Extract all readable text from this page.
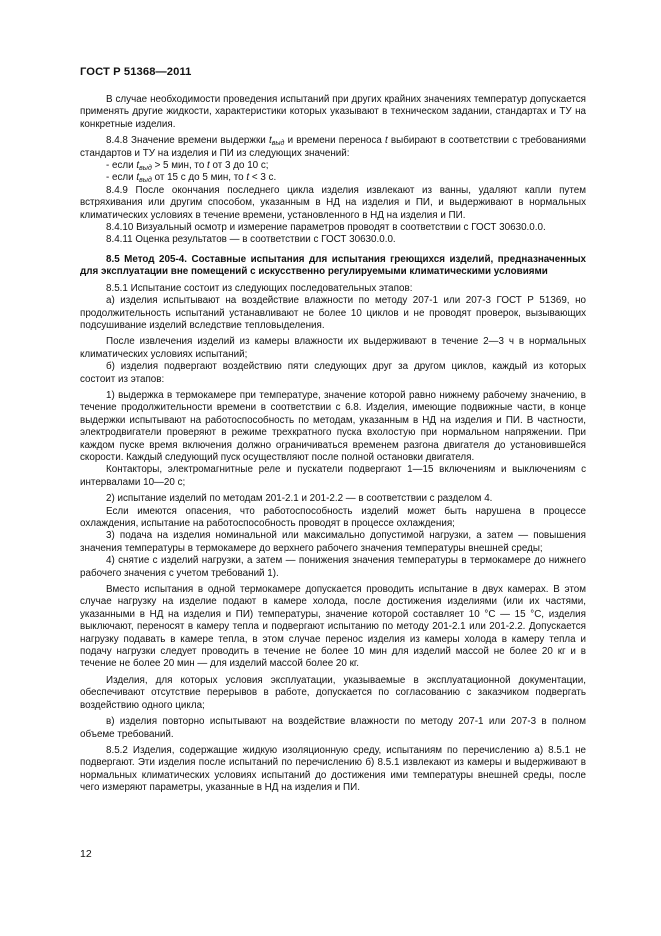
ГОСТ Р 51368—2011

В случае необходимости проведения испытаний при других крайних значениях температур допускается применять другие жидкости, характеристики которых указывают в техническом задании, стандартах и ТУ на конкретные изделия.

8.4.8 Значение времени выдержки $t_{выд}$ и времени переноса t выбирают в соответствии с требованиями стандартов и ТУ на изделия и ПИ из следующих значений:

- если $t_{выд} > 5$ мин, то t от 3 до 10 с;

- если $t_{выд}$ от 15 с до 5 мин, то t < 3 с.

8.4.9 После окончания последнего цикла изделия извлекают из ванны, удаляют капли путем встряхивания или другим способом, указанным в НД на изделия и ПИ, и выдерживают в нормальных климатических условиях в течение времени, установленного в НД на изделия и ПИ.

8.4.10 Визуальный осмотр и измерение параметров проводят в соответствии с ГОСТ 30630.0.0.

8.4.11 Оценка результатов — в соответствии с ГОСТ 30630.0.0.

8.5 Метод 205-4. Составные испытания для испытания греющихся изделий, предназначенных для эксплуатации вне помещений с искусственно регулируемыми климатическими условиями

8.5.1 Испытание состоит из следующих последовательных этапов:

а) изделия испытывают на воздействие влажности по методу 207-1 или 207-3 ГОСТ Р 51369, но продолжительность испытаний устанавливают не более 10 циклов и не проводят проверок, вызывающих подсушивание изделий вследствие тепловыделения.

После извлечения изделий из камеры влажности их выдерживают в течение 2—3 ч в нормальных климатических условиях испытаний;

б) изделия подвергают воздействию пяти следующих друг за другом циклов, каждый из которых состоит из этапов:

1) выдержка в термокамере при температуре, значение которой равно нижнему рабочему значению, в течение продолжительности времени в соответствии с 6.8. Изделия, имеющие подвижные части, в конце выдержки испытывают на работоспособность по методам, указанным в НД на изделия и ПИ. В частности, электродвигатели проверяют в режиме трехкратного пуска вхолостую при нормальном напряжении. При каждом пуске время включения должно ограничиваться временем разгона двигателя до установившейся скорости. Каждый следующий пуск осуществляют после полной остановки двигателя.

Контакторы, электромагнитные реле и пускатели подвергают 1—15 включениям и выключениям с интервалами 10—20 с;

2) испытание изделий по методам 201-2.1 и 201-2.2 — в соответствии с разделом 4.

Если имеются опасения, что работоспособность изделий может быть нарушена в процессе охлаждения, испытание на работоспособность проводят в процессе охлаждения;

3) подача на изделия номинальной или максимально допустимой нагрузки, а затем — повышения значения температуры в термокамере до верхнего рабочего значения температуры внешней среды;

4) снятие с изделий нагрузки, а затем — понижения значения температуры в термокамере до нижнего рабочего значения с учетом требований 1).

Вместо испытания в одной термокамере допускается проводить испытание в двух камерах. В этом случае нагрузку на изделие подают в камере холода, после достижения изделиями (или их частями, указанными в НД на изделия и ПИ) температуры, значение которой составляет 10 °С — 15 °С, изделия выключают, переносят в камеру тепла и подвергают испытанию по методу 201-2.1 или 201-2.2. Допускается нагрузку подавать в камере тепла, в этом случае перенос изделия из камеры холода в камеру тепла и подачу нагрузки следует проводить в течение не более 10 мин для изделий массой не более 20 кг и в течение не более 20 мин — для изделий массой более 20 кг.

Изделия, для которых условия эксплуатации, указываемые в эксплуатационной документации, обеспечивают отсутствие перерывов в работе, допускается по согласованию с заказчиком подвергать воздействию одного цикла;

в) изделия повторно испытывают на воздействие влажности по методу 207-1 или 207-3 в полном объеме требований.

8.5.2 Изделия, содержащие жидкую изоляционную среду, испытаниям по перечислению а) 8.5.1 не подвергают. Эти изделия после испытаний по перечислению б) 8.5.1 извлекают из камеры и выдерживают в нормальных климатических условиях испытаний до достижения ими температуры внешней среды, после чего измеряют параметры, указанные в НД на изделия и ПИ.

12
